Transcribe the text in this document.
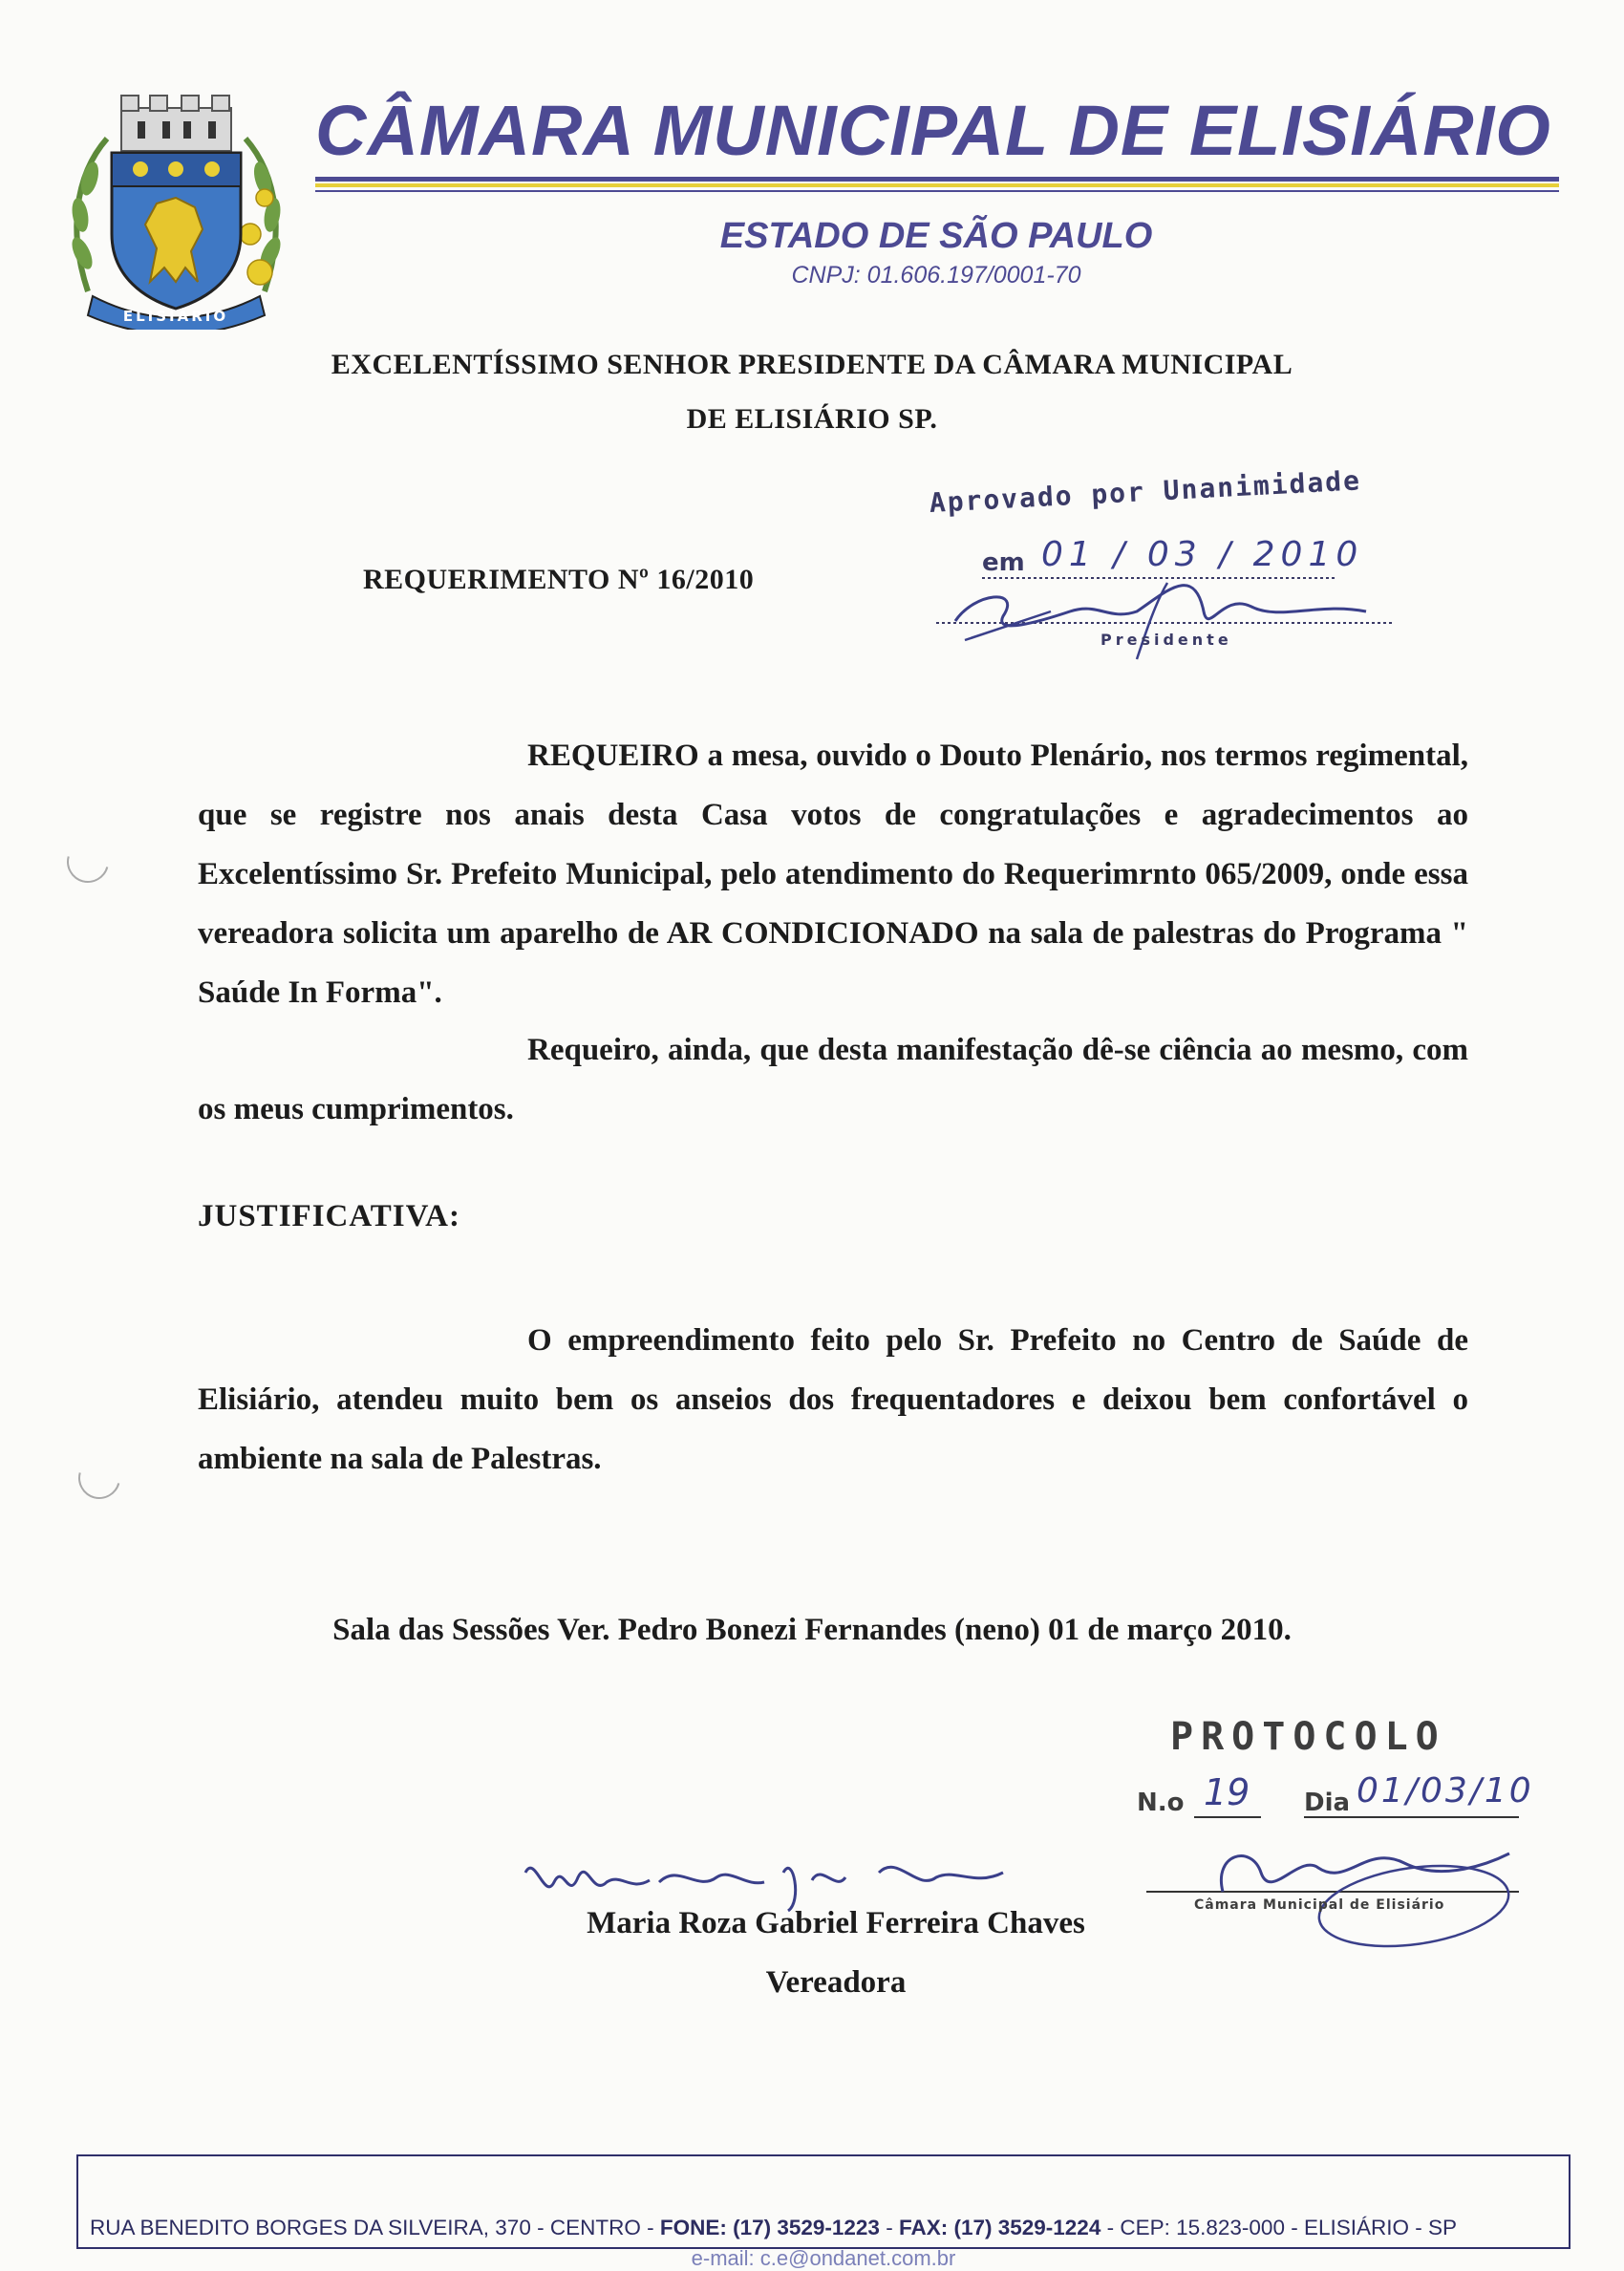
ELISIÁRIO
CÂMARA MUNICIPAL DE ELISIÁRIO
ESTADO DE SÃO PAULO
CNPJ: 01.606.197/0001-70
EXCELENTÍSSIMO SENHOR PRESIDENTE DA CÂMARA MUNICIPAL
DE ELISIÁRIO SP.
REQUERIMENTO Nº 16/2010
Aprovado por Unanimidade
em 01 / 03 / 2010
Presidente
REQUEIRO a mesa, ouvido o Douto Plenário, nos termos regimental, que se registre nos anais desta Casa votos de congratulações e agradecimentos ao Excelentíssimo Sr. Prefeito Municipal, pelo atendimento do Requerimrnto 065/2009, onde essa vereadora solicita um aparelho de AR CONDICIONADO na sala de palestras do Programa " Saúde In Forma".
Requeiro, ainda, que desta manifestação dê-se ciência ao mesmo, com os meus cumprimentos.
JUSTIFICATIVA:
O empreendimento feito pelo Sr. Prefeito no Centro de Saúde de Elisiário, atendeu muito bem os anseios dos frequentadores e deixou bem confortável o ambiente na sala de Palestras.
Sala das Sessões Ver. Pedro Bonezi Fernandes (neno) 01 de março 2010.
PROTOCOLO
N.o 19 Dia 01/03/10
Câmara Municipal de Elisiário
Maria Roza Gabriel Ferreira Chaves
Vereadora
RUA BENEDITO BORGES DA SILVEIRA, 370 - CENTRO - FONE: (17) 3529-1223 - FAX: (17) 3529-1224 - CEP: 15.823-000 - ELISIÁRIO - SP
e-mail: c.e@ondanet.com.br
